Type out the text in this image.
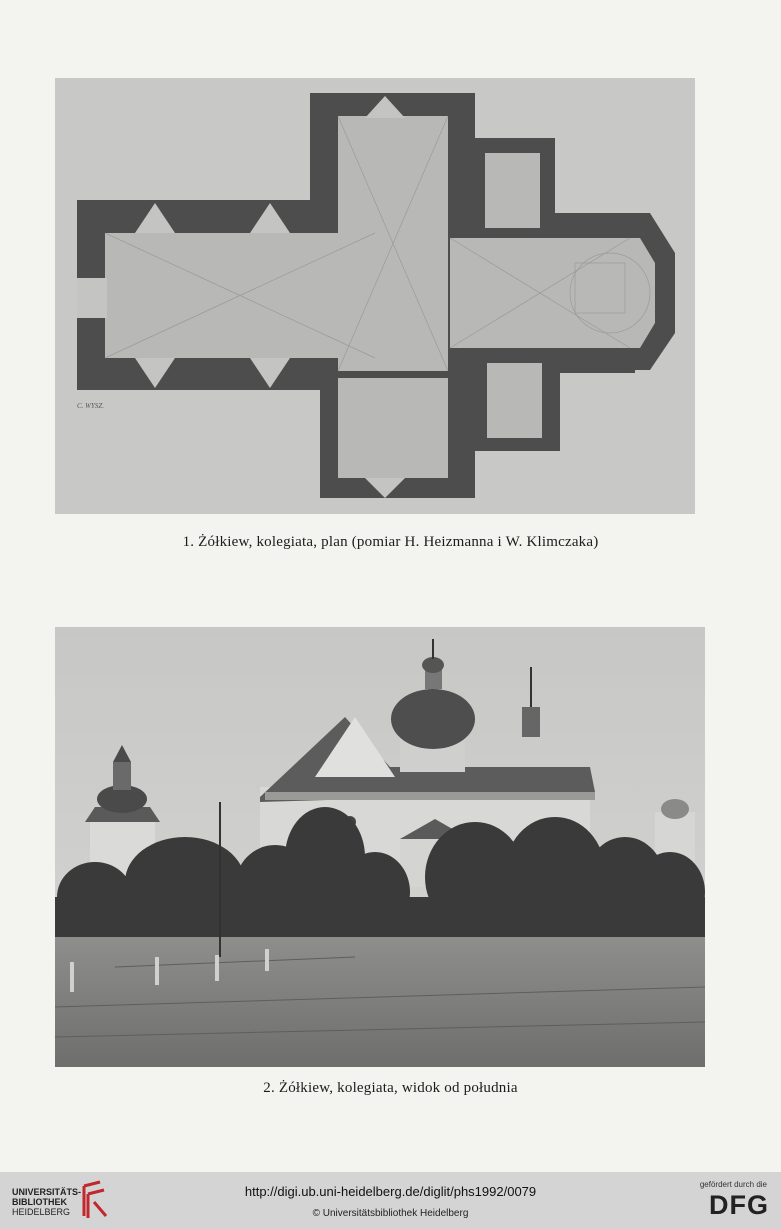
C. WYSZ.
1. Żółkiew, kolegiata, plan (pomiar H. Heizmanna i W. Klimczaka)
2. Żółkiew, kolegiata, widok od południa
UNIVERSITÄTS-
BIBLIOTHEK
HEIDELBERG
http://digi.ub.uni-heidelberg.de/diglit/phs1992/0079
© Universitätsbibliothek Heidelberg
gefördert durch die
DFG
